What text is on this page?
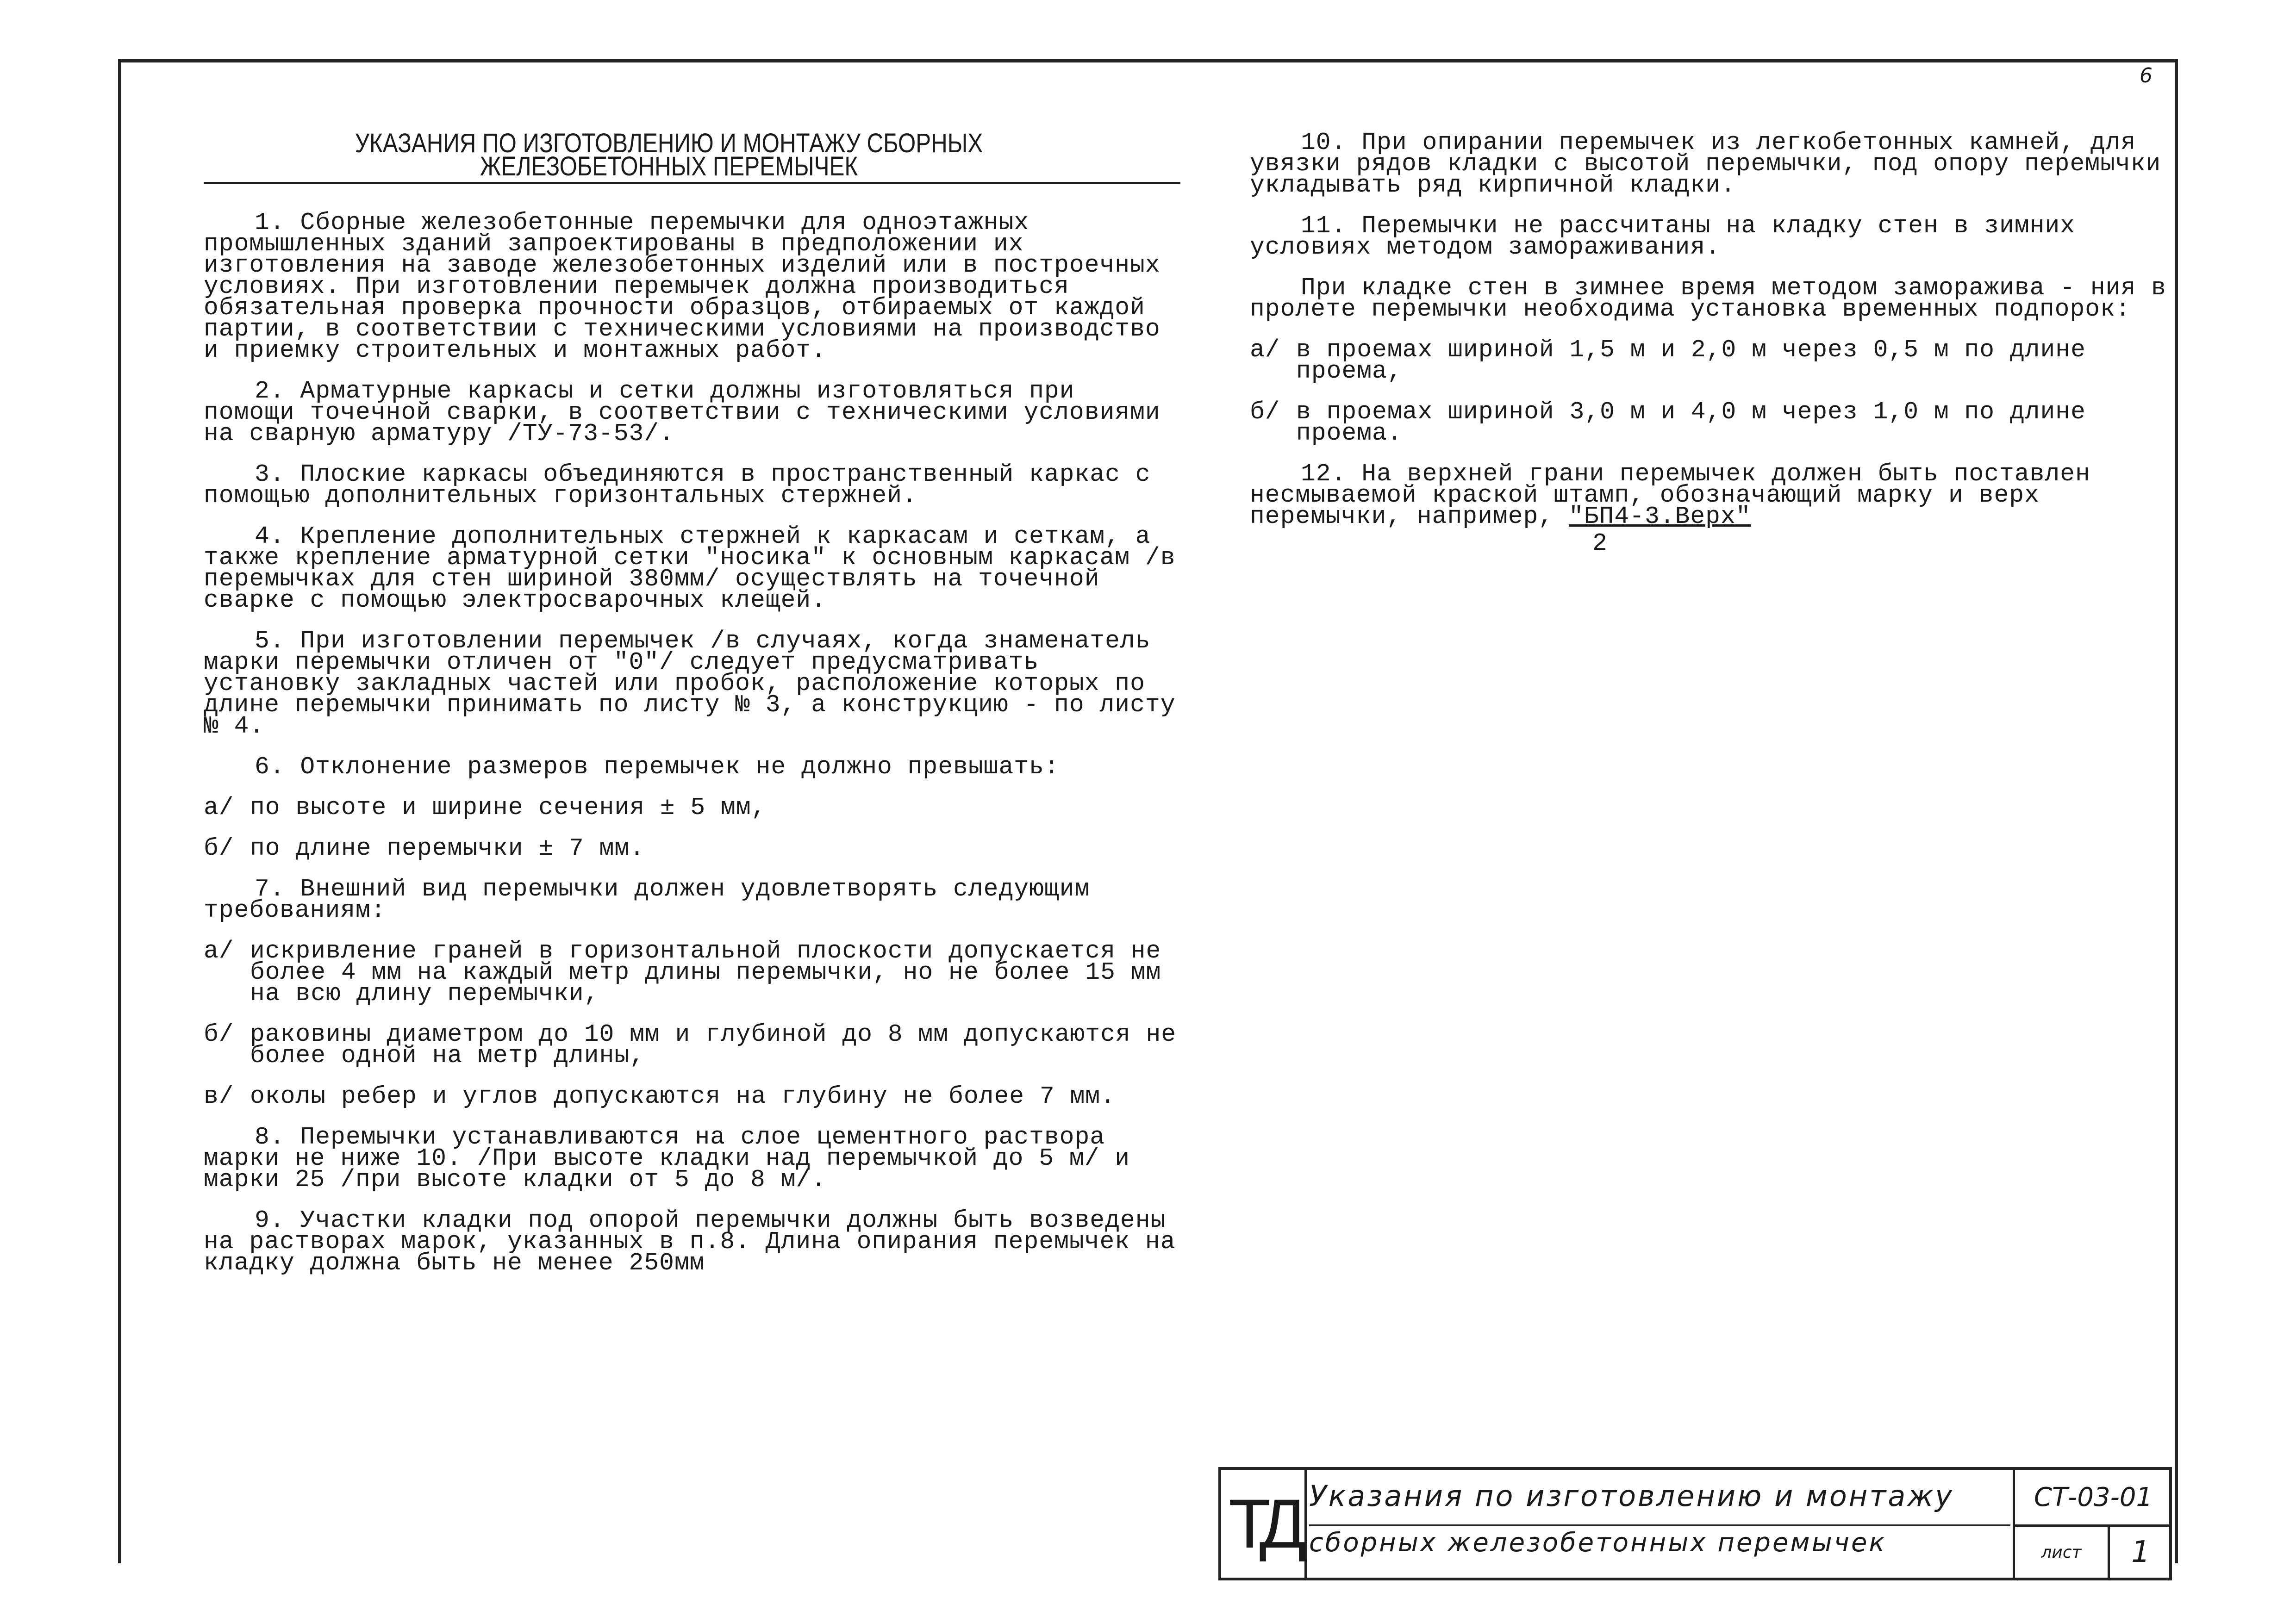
6
УКАЗАНИЯ ПО ИЗГОТОВЛЕНИЮ И МОНТАЖУ СБОРНЫХ ЖЕЛЕЗОБЕТОННЫХ ПЕРЕМЫЧЕК

1. Сборные железобетонные перемычки для одноэтажных промышленных зданий запроектированы в предположении их изготовления на заводе железобетонных изделий или в построечных условиях. При изготовлении перемычек должна производиться обязательная проверка прочности образцов, отбираемых от каждой партии, в соответствии с техническими условиями на производство и приемку строительных и монтажных работ.

2. Арматурные каркасы и сетки должны изготовляться при помощи точечной сварки, в соответствии с техническими условиями на сварную арматуру /ТУ-73-53/.

3. Плоские каркасы объединяются в пространственный каркас с помощью дополнительных горизонтальных стержней.

4. Крепление дополнительных стержней к каркасам и сеткам, а также крепление арматурной сетки "носика" к основным каркасам /в перемычках для стен шириной 380мм/ осуществлять на точечной сварке с помощью электросварочных клещей.

5. При изготовлении перемычек /в случаях, когда знаменатель марки перемычки отличен от "0"/ следует предусматривать установку закладных частей или пробок, расположение которых по длине перемычки принимать по листу № 3, а конструкцию - по листу № 4.

6. Отклонение размеров перемычек не должно превышать:

а/ по высоте и ширине сечения ± 5 мм,
б/ по длине перемычки ± 7 мм.

7. Внешний вид перемычки должен удовлетворять следующим требованиям:

а/ искривление граней в горизонтальной плоскости допускается не более 4 мм на каждый метр длины перемычки, но не более 15 мм на всю длину перемычки,
б/ раковины диаметром до 10 мм и глубиной до 8 мм допускаются не более одной на метр длины,
в/ околы ребер и углов допускаются на глубину не более 7 мм.

8. Перемычки устанавливаются на слое цементного раствора марки не ниже 10. /При высоте кладки над перемычкой до 5 м/ и марки 25 /при высоте кладки от 5 до 8 м/.

9. Участки кладки под опорой перемычки должны быть возведены на растворах марок, указанных в п.8. Длина опирания перемычек на кладку должна быть не менее 250мм

10. При опирании перемычек из легкобетонных камней, для увязки рядов кладки с высотой перемычки, под опору перемычки укладывать ряд кирпичной кладки.

11. Перемычки не рассчитаны на кладку стен в зимних условиях методом замораживания.

При кладке стен в зимнее время методом заморажива - ния в пролете перемычки необходима установка временных подпорок:

а/ в проемах шириной 1,5 м и 2,0 м через 0,5 м по длине проема,
б/ в проемах шириной 3,0 м и 4,0 м через 1,0 м по длине проема.

12. На верхней грани перемычек должен быть поставлен несмываемой краской штамп, обозначающий марку и верх перемычки, например, "БП4-3.Верх"

2

ТД Указания по изготовлению и монтажу
сборных железобетонных перемычек
СТ-03-01
лист	1
